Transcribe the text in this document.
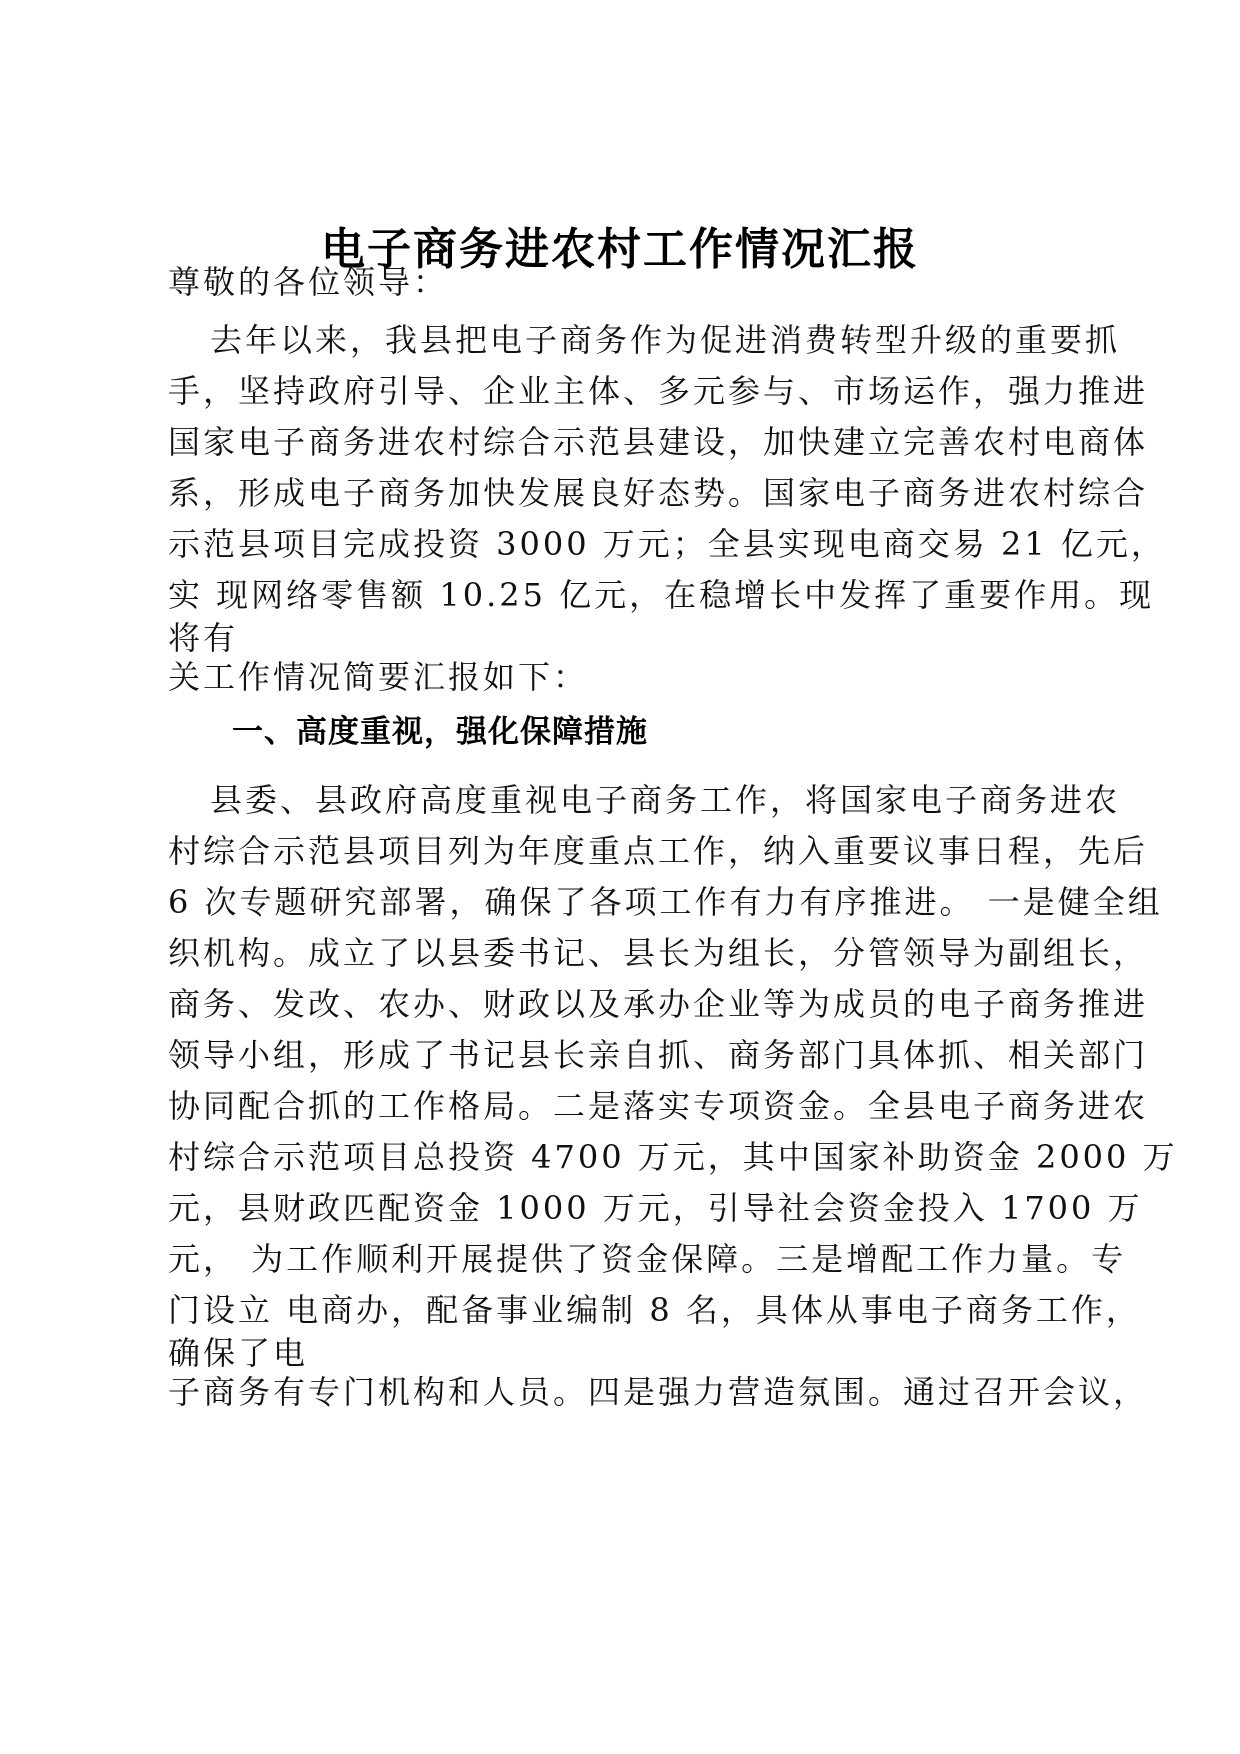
电子商务进农村工作情况汇报
尊敬的各位领导：
去年以来，我县把电子商务作为促进消费转型升级的重要抓
手，坚持政府引导、企业主体、多元参与、市场运作，强力推进
国家电子商务进农村综合示范县建设，加快建立完善农村电商体
系，形成电子商务加快发展良好态势。国家电子商务进农村综合
示范县项目完成投资 3000 万元；全县实现电商交易 21 亿元，
实 现网络零售额 10.25 亿元，在稳增长中发挥了重要作用。现
将有
关工作情况简要汇报如下：
一、高度重视，强化保障措施
县委、县政府高度重视电子商务工作，将国家电子商务进农
村综合示范县项目列为年度重点工作，纳入重要议事日程，先后
6 次专题研究部署，确保了各项工作有力有序推进。 一是健全组
织机构。成立了以县委书记、县长为组长，分管领导为副组长，
商务、发改、农办、财政以及承办企业等为成员的电子商务推进
领导小组，形成了书记县长亲自抓、商务部门具体抓、相关部门
协同配合抓的工作格局。二是落实专项资金。全县电子商务进农
村综合示范项目总投资 4700 万元，其中国家补助资金 2000 万
元，县财政匹配资金 1000 万元，引导社会资金投入 1700 万
元， 为工作顺利开展提供了资金保障。三是增配工作力量。专
门设立 电商办，配备事业编制 8 名，具体从事电子商务工作，
确保了电
子商务有专门机构和人员。四是强力营造氛围。通过召开会议，
